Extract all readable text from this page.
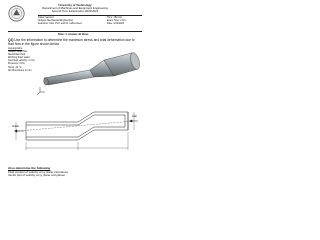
University of Technology
Department of Machines and Equipment Engineering
Second Term Examination 2022/2023
Class: Second
Subject: Mechanical Engineering
Examiner: Asst. Prof. and Dr. Lafta Azeez
Time: 180 min
Exam Time: 2 hrs
Date: 4/12/2023
Note: 1. Answer all ideas
Q1) Use the information to determine the maximum stress and total deformation due to fluid flow in the figure shown below.
Assumptions
Steady state flow
Newtonian fluid
Working fluid: water
Inlet fluid velocity: 1 m/s
Pressure: 0 Pa
Temp: 22 °C
All dimensions in mm
Inlet
Outlet
Also determine the following
Fluid contour of velocity at xy plane mid planes
Vector plot of velocity at xy plane mid planes
